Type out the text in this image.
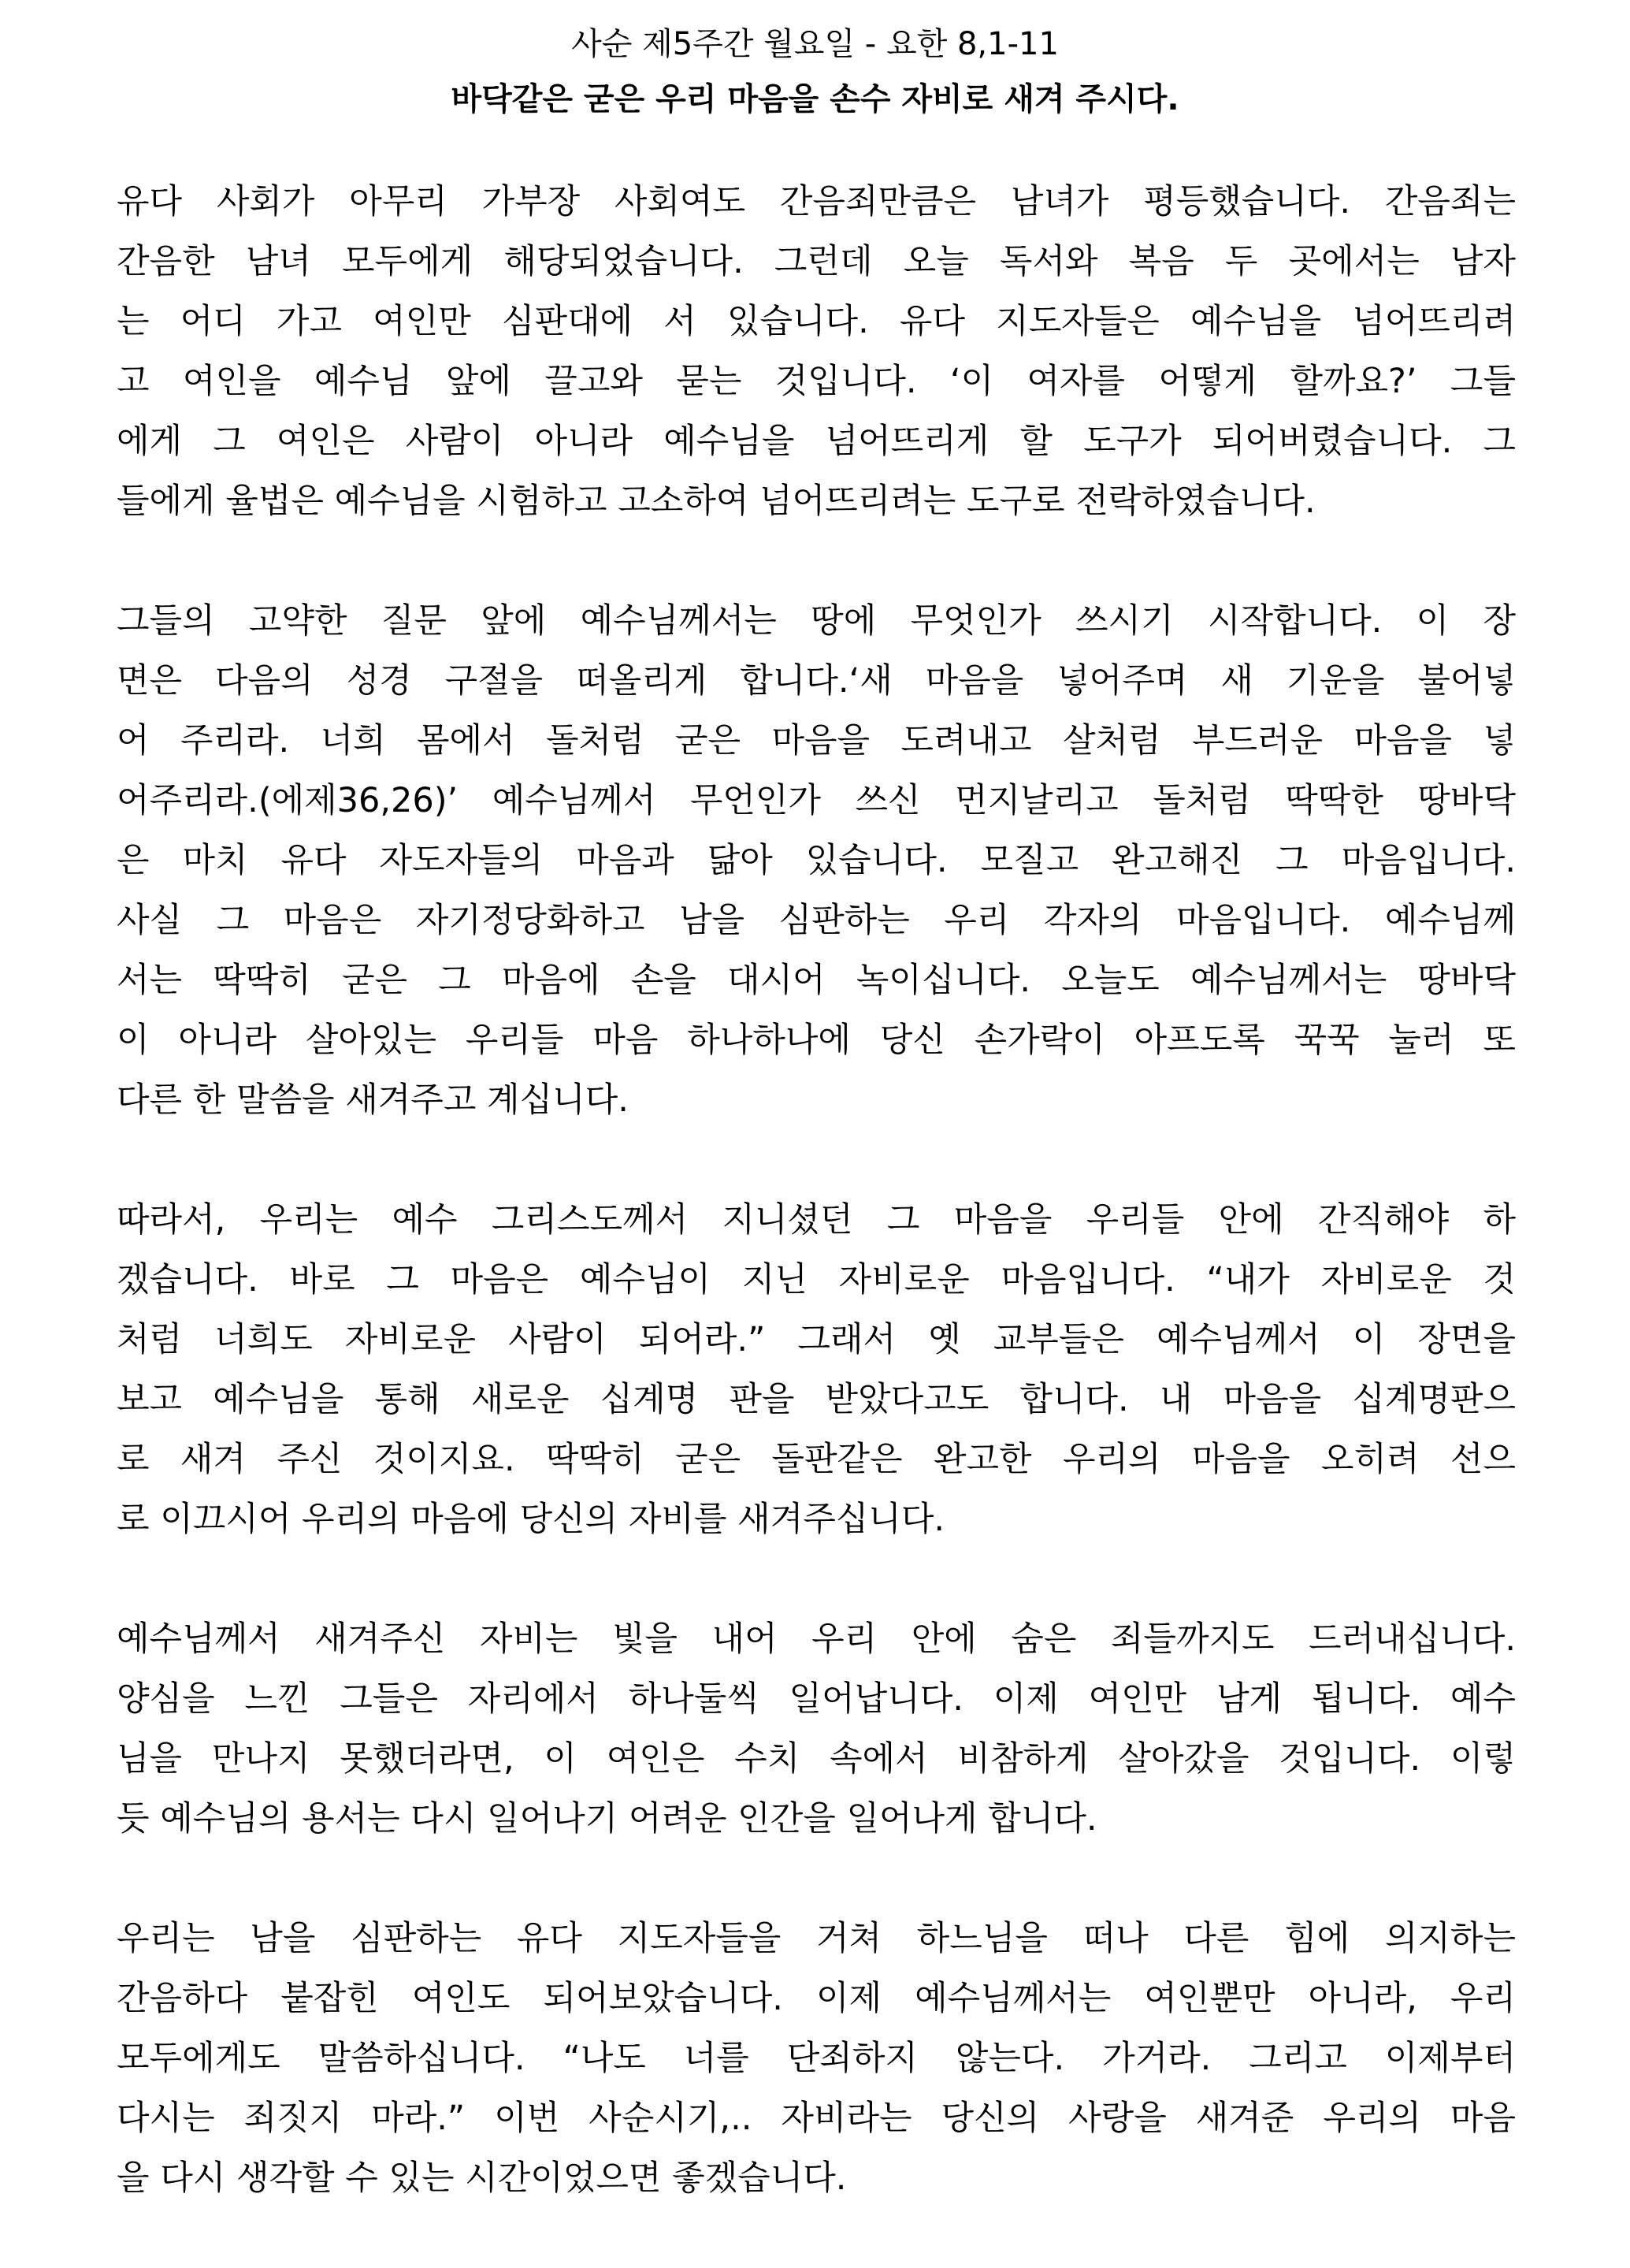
사순 제5주간 월요일 - 요한 8,1-11
바닥같은 굳은 우리 마음을 손수 자비로 새겨 주시다.
유다 사회가 아무리 가부장 사회여도 간음죄만큼은 남녀가 평등했습니다. 간음죄는
간음한 남녀 모두에게 해당되었습니다. 그런데 오늘 독서와 복음 두 곳에서는 남자
는 어디 가고 여인만 심판대에 서 있습니다. 유다 지도자들은 예수님을 넘어뜨리려
고 여인을 예수님 앞에 끌고와 묻는 것입니다. ‘이 여자를 어떻게 할까요?’ 그들
에게 그 여인은 사람이 아니라 예수님을 넘어뜨리게 할 도구가 되어버렸습니다. 그
들에게 율법은 예수님을 시험하고 고소하여 넘어뜨리려는 도구로 전락하였습니다.
그들의 고약한 질문 앞에 예수님께서는 땅에 무엇인가 쓰시기 시작합니다. 이 장
면은 다음의 성경 구절을 떠올리게 합니다.‘새 마음을 넣어주며 새 기운을 불어넣
어 주리라. 너희 몸에서 돌처럼 굳은 마음을 도려내고 살처럼 부드러운 마음을 넣
어주리라.(에제36,26)’ 예수님께서 무언인가 쓰신 먼지날리고 돌처럼 딱딱한 땅바닥
은 마치 유다 자도자들의 마음과 닮아 있습니다. 모질고 완고해진 그 마음입니다.
사실 그 마음은 자기정당화하고 남을 심판하는 우리 각자의 마음입니다. 예수님께
서는 딱딱히 굳은 그 마음에 손을 대시어 녹이십니다. 오늘도 예수님께서는 땅바닥
이 아니라 살아있는 우리들 마음 하나하나에 당신 손가락이 아프도록 꾹꾹 눌러 또
다른 한 말씀을 새겨주고 계십니다.
따라서, 우리는 예수 그리스도께서 지니셨던 그 마음을 우리들 안에 간직해야 하
겠습니다. 바로 그 마음은 예수님이 지닌 자비로운 마음입니다. “내가 자비로운 것
처럼 너희도 자비로운 사람이 되어라.” 그래서 옛 교부들은 예수님께서 이 장면을
보고 예수님을 통해 새로운 십계명 판을 받았다고도 합니다. 내 마음을 십계명판으
로 새겨 주신 것이지요. 딱딱히 굳은 돌판같은 완고한 우리의 마음을 오히려 선으
로 이끄시어 우리의 마음에 당신의 자비를 새겨주십니다.
예수님께서 새겨주신 자비는 빛을 내어 우리 안에 숨은 죄들까지도 드러내십니다.
양심을 느낀 그들은 자리에서 하나둘씩 일어납니다. 이제 여인만 남게 됩니다. 예수
님을 만나지 못했더라면, 이 여인은 수치 속에서 비참하게 살아갔을 것입니다. 이렇
듯 예수님의 용서는 다시 일어나기 어려운 인간을 일어나게 합니다.
우리는 남을 심판하는 유다 지도자들을 거쳐 하느님을 떠나 다른 힘에 의지하는
간음하다 붙잡힌 여인도 되어보았습니다. 이제 예수님께서는 여인뿐만 아니라, 우리
모두에게도 말씀하십니다. “나도 너를 단죄하지 않는다. 가거라. 그리고 이제부터
다시는 죄짓지 마라.” 이번 사순시기,.. 자비라는 당신의 사랑을 새겨준 우리의 마음
을 다시 생각할 수 있는 시간이었으면 좋겠습니다.
